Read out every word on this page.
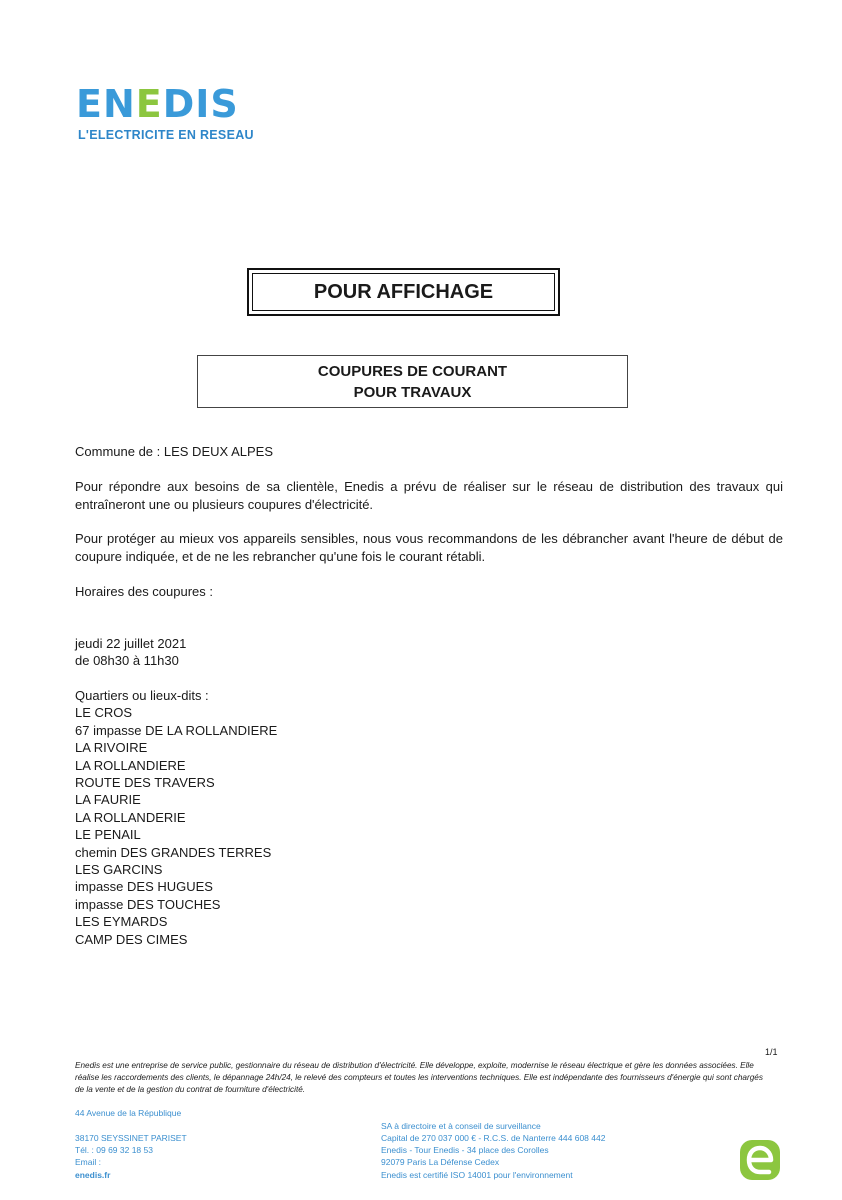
ENEDIS
L'ELECTRICITE EN RESEAU
POUR AFFICHAGE
COUPURES DE COURANT
POUR TRAVAUX
Commune de : LES DEUX ALPES
Pour répondre aux besoins de sa clientèle, Enedis a prévu de réaliser sur le réseau de distribution des travaux qui entraîneront une ou plusieurs coupures d'électricité.
Pour protéger au mieux vos appareils sensibles, nous vous recommandons de les débrancher avant l'heure de début de coupure indiquée, et de ne les rebrancher qu'une fois le courant rétabli.
Horaires des coupures :
jeudi 22 juillet 2021
de 08h30 à 11h30
Quartiers ou lieux-dits :
LE CROS
67 impasse DE LA ROLLANDIERE
LA RIVOIRE
LA ROLLANDIERE
ROUTE DES TRAVERS
LA FAURIE
LA ROLLANDERIE
LE PENAIL
chemin DES GRANDES TERRES
LES GARCINS
impasse DES HUGUES
impasse DES TOUCHES
LES EYMARDS
CAMP DES CIMES
1/1
Enedis est une entreprise de service public, gestionnaire du réseau de distribution d'électricité. Elle développe, exploite, modernise le réseau électrique et gère les données associées. Elle réalise les raccordements des clients, le dépannage 24h/24, le relevé des compteurs et toutes les interventions techniques. Elle est indépendante des fournisseurs d'énergie qui sont chargés de la vente et de la gestion du contrat de fourniture d'électricité.
44 Avenue de la République
38170 SEYSSINET PARISET
Tél. : 09 69 32 18 53
Email :
enedis.fr
SA à directoire et à conseil de surveillance
Capital de 270 037 000 € - R.C.S. de Nanterre 444 608 442
Enedis - Tour Enedis - 34 place des Corolles
92079 Paris La Défense Cedex
Enedis est certifié ISO 14001 pour l'environnement
